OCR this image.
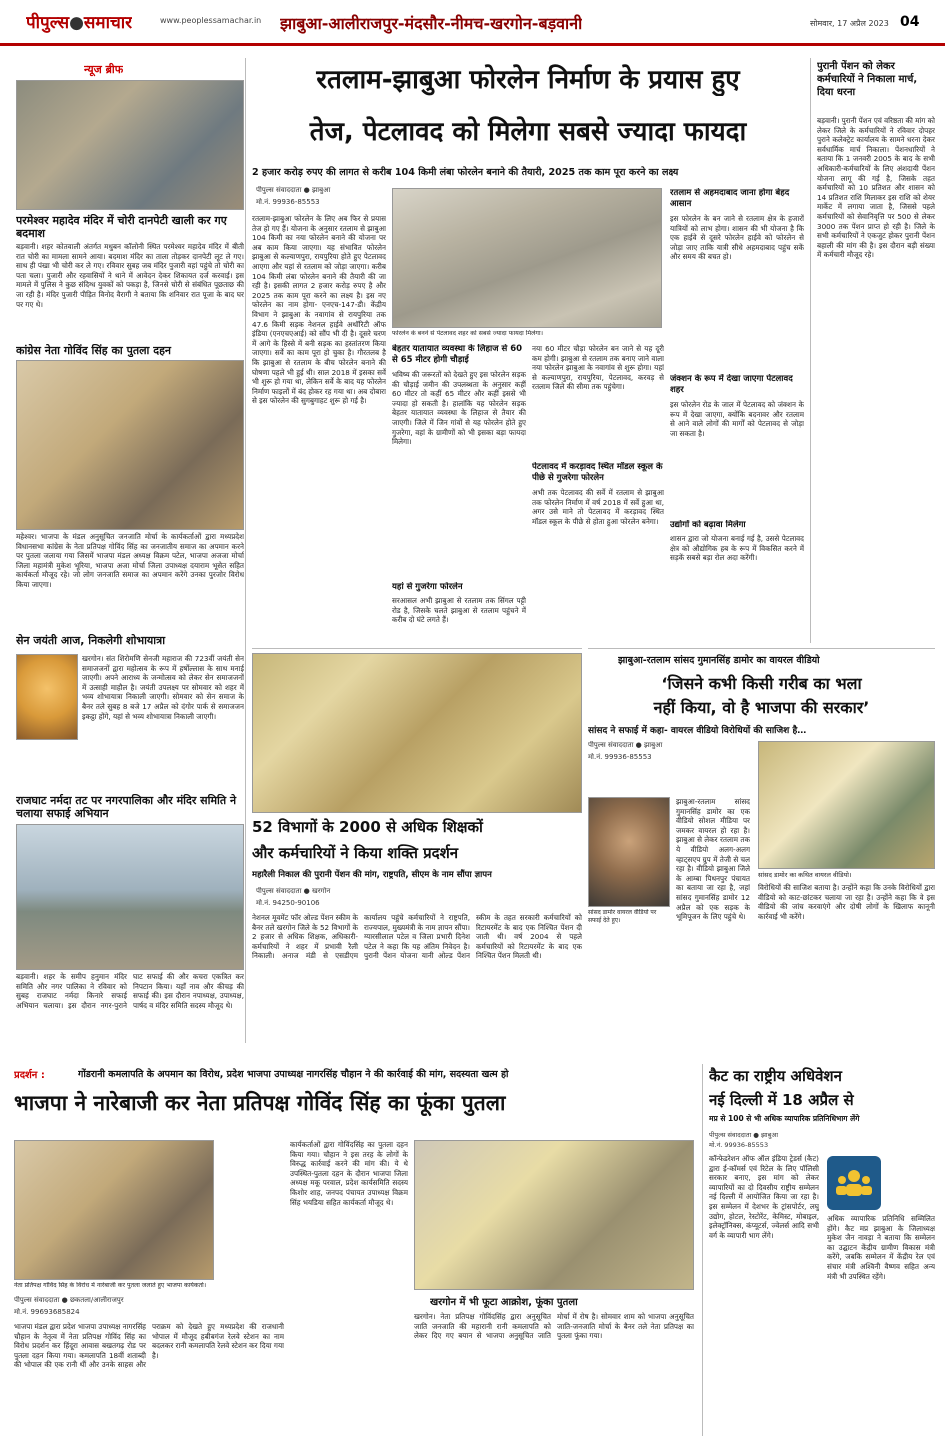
पीपुल्स●समाचार	www.peoplessamachar.in झाबुआ-आलीराजपुर-मंदसौर-नीमच-खरगोन-बड़वानी	सोमवार, 17 अप्रैल 2023 04
न्यूज ब्रीफ
परमेश्वर महादेव मंदिर में चोरी दानपेटी खाली कर गए बदमाश
बड़वानी। शहर कोतवाली अंतर्गत मधुबन कॉलोनी स्थित परमेश्वर महादेव मंदिर में बीती रात चोरी का मामला सामने आया। बदमाश मंदिर का ताला तोड़कर दानपेटी लूट ले गए। साथ ही पंखा भी चोरी कर ले गए। रविवार सुबह जब मंदिर पुजारी वहां पहुंचे तो चोरी का पता चला। पुजारी और रहवासियों ने थाने में आवेदन देकर शिकायत दर्ज करवाई। इस मामले में पुलिस ने कुछ संदिग्ध युवकों को पकड़ा है, जिनसे चोरी से संबंधित पूछताछ की जा रही है। मंदिर पुजारी पीड़ित विनोद वैरागी ने बताया कि शनिवार रात पूजा के बाद घर पर गए थे।
कांग्रेस नेता गोविंद सिंह का पुतला दहन
महेश्वर। भाजपा के मंडल अनुसूचित जनजाति मोर्चा के कार्यकर्ताओं द्वारा मध्यप्रदेश विधानसभा कांग्रेस के नेता प्रतिपक्ष गोविंद सिंह का जनजातीय समाज का अपमान करने पर पुतला जलाया गया जिसमें भाजपा मंडल अध्यक्ष विक्रम पटेल, भाजपा अजजा मोर्चा जिला महामंत्री मुकेश भूरिया, भाजपा अजा मोर्चा जिला उपाध्यक्ष दयाराम भूसेत सहित कार्यकर्ता मौजूद रहे। जो लोग जनजाति समाज का अपमान करेंगे उनका पुरजोर विरोध किया जाएगा।
सेन जयंती आज, निकलेगी शोभायात्रा
खरगोन। संत शिरोमणि सेनजी महाराज की 723वीं जयंती सेन समाजजनों द्वारा महोत्सव के रूप में हर्षोल्लास के साथ मनाई जाएगी। अपने आराध्य के जन्मोत्सव को लेकर सेन समाजजनों में उत्साही माहौल है। जयंती उपलक्ष्य पर सोमवार को शहर में भव्य शोभायात्रा निकाली जाएगी। सोमवार को सेन समाज के बैनर तले सुबह 8 बजे 17 अप्रैल को दंगोर पार्क से समाजजन इकट्ठा होंगे, यहां से भव्य शोभायात्रा निकाली जाएगी।
राजघाट नर्मदा तट पर नगरपालिका और मंदिर समिति ने चलाया सफाई अभियान
बड़वानी। शहर के समीप हनुमान मंदिर समिति और नगर पालिका ने रविवार को सुबह राजघाट नर्मदा किनारे सफाई अभियान चलाया। इस दौरान नगर-पुराने घाट सफाई की और कचरा एकत्रित कर निपटान किया। यहाँ नाव और कीचड़ की सफाई की। इस दौरान नपाध्यक्ष, उपाध्यक्ष, पार्षद व मंदिर समिति सदस्य मौजूद थे।
रतलाम-झाबुआ फोरलेन निर्माण के प्रयास हुए
तेज, पेटलावद को मिलेगा सबसे ज्यादा फायदा
2 हजार करोड़ रुपए की लागत से करीब 104 किमी लंबा फोरलेन बनाने की तैयारी, 2025 तक काम पूरा करने का लक्ष्य
पीपुल्स संवाददाता ● झाबुआ
मो.नं. 99936-85553
फोरलेन के बनने से पेटलावद शहर को सबसे ज्यादा फायदा मिलेगा।
रतलाम-झाबुआ फोरलेन के लिए अब फिर से प्रयास तेज हो गए हैं। योजना के अनुसार रतलाम से झाबुआ 104 किमी का नया फोरलेन बनाने की योजना पर अब काम किया जाएगा। यह संभावित फोरलेन झाबुआ से कल्याणपुरा, रायपुरिया होते हुए पेटलावद आएगा और यहां से रतलाम को जोड़ा जाएगा। करीब 104 किमी लंबा फोरलेन बनाने की तैयारी की जा रही है। इसकी लागत 2 हजार करोड़ रुपए है और 2025 तक काम पूरा करने का लक्ष्य है। इस नए फोरलेन का नाम होगा- एनएच-147-डी। केंद्रीय विभाग ने झाबुआ के नवागांव से रायपुरिया तक 47.6 किमी सड़क नेशनल हाईवे अथॉरिटी ऑफ इंडिया (एनएचएआई) को सौंप भी दी है। दूसरे चरण में आगे के हिस्से में बनी सड़क का हस्तांतरण किया जाएगा। सर्वे का काम पूरा हो चुका है। गौरतलब है कि झाबुआ से रतलाम के बीच फोरलेन बनाने की घोषणा पहले भी हुई थी। साल 2018 में इसका सर्वे भी शुरू हो गया था, लेकिन सर्वे के बाद यह फोरलेन निर्माण फाइलों में बंद होकर रह गया था। अब दोबारा से इस फोरलेन की सुगबुगाहट शुरू हो गई है।
बेहतर यातायात व्यवस्था के लिहाज से 60 से 65 मीटर होगी चौड़ाई
भविष्य की जरूरतों को देखते हुए इस फोरलेन सड़क की चौड़ाई जमीन की उपलब्धता के अनुसार कहीं 60 मीटर तो कहीं 65 मीटर और कहीं इससे भी ज्यादा हो सकती है। हालांकि यह फोरलेन सड़क बेहतर यातायात व्यवस्था के लिहाज से तैयार की जाएगी। जिले में जिन गांवों से यह फोरलेन होते हुए गुजरेगा, वहां के ग्रामीणों को भी इसका बड़ा फायदा मिलेगा।
यहां से गुजरेगा फोरलेन
सरआसल अभी झाबुआ से रतलाम तक सिंगल पट्टी रोड है, जिसके चलते झाबुआ से रतलाम पहुंचने में करीब दो घंटे लगते हैं।
नया 60 मीटर चौड़ा फोरलेन बन जाने से यह दूरी कम होगी। झाबुआ से रतलाम तक बनाए जाने वाला नया फोरलेन झाबुआ के नवागांव से शुरू होगा। यहां से कल्याणपुरा, रायपुरिया, पेटलावद, करवड़ से रतलाम जिले की सीमा तक पहुंचेगा।
पेटलावद में करड़ावद स्थित मॉडल स्कूल के पीछे से गुजरेगा फोरलेन
अभी तक पेटलावद की सर्वे में रतलाम से झाबुआ तक फोरलेन निर्माण में वर्ष 2018 में सर्वे हुआ था, अगर उसे माने तो पेटलावद में करड़ावद स्थित मॉडल स्कूल के पीछे से होता हुआ फोरलेन बनेगा।
रतलाम से अहमदाबाद जाना होगा बेहद आसान
इस फोरलेन के बन जाने से रतलाम क्षेत्र के हजारों यात्रियों को लाभ होगा। शासन की भी योजना है कि एक हाईवे से दूसरे फोरलेन हाईवे को फोरलेन से जोड़ा जाए ताकि यात्री सीधे अहमदाबाद पहुंच सकें और समय की बचत हो।
जंक्शन के रूप में देखा जाएगा पेटलावद शहर
इस फोरलेन रोड के जाल में पेटलावद को जंक्शन के रूप में देखा जाएगा, क्योंकि बदनावर और रतलाम से आने वाले लोगों की मार्गों को पेटलावद से जोड़ा जा सकता है।
उद्योगों को बढ़ावा मिलेगा
शासन द्वारा जो योजना बनाई गई है, उससे पेटलावद क्षेत्र को औद्योगिक हब के रूप में विकसित करने में सड़कें सबसे बड़ा रोल अदा करेंगी।
पुरानी पेंशन को लेकर कर्मचारियों ने निकाला मार्च, दिया धरना
बड़वानी। पुरानी पेंशन एवं वरिष्ठता की मांग को लेकर जिले के कर्मचारियों ने रविवार दोपहर पुराने कलेक्ट्रेट कार्यालय के सामने धरना देकर सर्वधार्मिक मार्च निकाला। पेंशनधारियों ने बताया कि 1 जनवरी 2005 के बाद के सभी अधिकारी-कर्मचारियों के लिए अंशदायी पेंशन योजना लागू की गई है, जिसके तहत कर्मचारियों को 10 प्रतिशत और शासन को 14 प्रतिशत राशि मिलाकर इस राशि को शेयर मार्केट में लगाया जाता है, जिससे पहले कर्मचारियों को सेवानिवृत्ति पर 500 से लेकर 3000 तक पेंशन प्राप्त हो रही है। जिले के सभी कर्मचारियों ने एकजुट होकर पुरानी पेंशन बहाली की मांग की है। इस दौरान बड़ी संख्या में कर्मचारी मौजूद रहे।
52 विभागों के 2000 से अधिक शिक्षकों
और कर्मचारियों ने किया शक्ति प्रदर्शन
महारैली निकाल की पुरानी पेंशन की मांग, राष्ट्रपति, सीएम के नाम सौंपा ज्ञापन
पीपुल्स संवाददाता ● खरगोन
मो.नं. 94250-90106
नेशनल मूवमेंट फॉर ओल्ड पेंशन स्कीम के बैनर तले खरगोन जिले के 52 विभागों के 2 हजार से अधिक शिक्षक, अधिकारी-कर्मचारियों ने शहर में प्रभावी रैली निकाली। अनाज मंडी से एसडीएम कार्यालय पहुंचे कर्मचारियों ने राष्ट्रपति, राज्यपाल, मुख्यमंत्री के नाम ज्ञापन सौंपा। ग्यारसीलाल पटेल व जिला प्रभारी दिनेश पटेल ने कहा कि यह अंतिम निवेदन है। पुरानी पेंशन योजना यानी ओल्ड पेंशन स्कीम के तहत सरकारी कर्मचारियों को रिटायरमेंट के बाद एक निश्चित पेंशन दी जाती थी। वर्ष 2004 से पहले कर्मचारियों को रिटायरमेंट के बाद एक निश्चित पेंशन मिलती थी।
झाबुआ-रतलाम सांसद गुमानसिंह डामोर का वायरल वीडियो
‘जिसने कभी किसी गरीब का भला
नहीं किया, वो है भाजपा की सरकार’
सांसद ने सफाई में कहा- वायरल वीडियो विरोधियों की साजिश है…
पीपुल्स संवाददाता ● झाबुआ
मो.नं. 99936-85553
सांसद डामोर वायरल वीडियो पर सफाई देते हुए।
झाबुआ-रतलाम सांसद गुमानसिंह डामोर का एक वीडियो सोशल मीडिया पर जमकर वायरल हो रहा है। झाबुआ से लेकर रतलाम तक ये वीडियो अलग-अलग व्हाट्सएप ग्रुप में तेजी से चल रहा है। वीडियो झाबुआ जिले के आम्बा पिथनपुर पंचायत का बताया जा रहा है, जहां सांसद गुमानसिंह डामोर 12 अप्रैल को एक सड़क के भूमिपूजन के लिए पहुंचे थे।
सांसद डामोर का कथित वायरल वीडियो।
विरोधियों की साजिश बताया है। उन्होंने कहा कि उनके विरोधियों द्वारा वीडियो को काट-छांटकर चलाया जा रहा है। उन्होंने कहा कि वे इस वीडियो की जांच करवाएंगे और दोषी लोगों के खिलाफ कानूनी कार्रवाई भी करेंगे।
प्रदर्शन :	गोंडरानी कमलापति के अपमान का विरोध, प्रदेश भाजपा उपाध्यक्ष नागरसिंह चौहान ने की कार्रवाई की मांग, सदस्यता खत्म हो
भाजपा ने नारेबाजी कर नेता प्रतिपक्ष गोविंद सिंह का फूंका पुतला
नेता प्रतिपक्ष गोविंद सिंह के विरोध में नारेबाजी कर पुतला जलाते हुए भाजपा कार्यकर्ता।
पीपुल्स संवाददाता ● छकतला/आलीराजपुर
मो.नं. 99693685824
भाजपा मंडल द्वारा प्रदेश भाजपा उपाध्यक्ष नागरसिंह चौहान के नेतृत्व में नेता प्रतिपक्ष गोविंद सिंह का विरोध प्रदर्शन कर हिंदूरा आवास बखतगढ़ रोड पर पुतला दहन किया गया। कमलापति 18वीं शताब्दी की भोपाल की एक रानी थीं और उनके साहस और पराक्रम को देखते हुए मध्यप्रदेश की राजधानी भोपाल में मौजूद हबीबगंज रेलवे स्टेशन का नाम बदलकर रानी कमलापति रेलवे स्टेशन कर दिया गया है।
कार्यकर्ताओं द्वारा गोविंदसिंह का पुतला दहन किया गया। चौहान ने इस तरह के लोगों के विरुद्ध कार्रवाई करने की मांग की। ये थे उपस्थित-पुतला दहन के दौरान भाजपा जिला अध्यक्ष मकू परवाल, प्रदेश कार्यसमिति सदस्य किशोर शाह, जनपद पंचायत उपाध्यक्ष विक्रम सिंह भयडिया सहित कार्यकर्ता मौजूद थे।
खरगोन में भी फूटा आक्रोश, फूंका पुतला
खरगोन। नेता प्रतिपक्ष गोविंदसिंह द्वारा अनुसूचित जाति जनजाति की महारानी रानी कमलापति को लेकर दिए गए बयान से भाजपा अनुसूचित जाति मोर्चा में रोष है। सोमवार शाम को भाजपा अनुसूचित जाति-जनजाति मोर्चा के बैनर तले नेता प्रतिपक्ष का पुतला फूंका गया।
कैट का राष्ट्रीय अधिवेशन
नई दिल्ली में 18 अप्रैल से
मप्र से 100 से भी अधिक व्यापारिक प्रतिनिधिभाग लेंगे
पीपुल्स संवाददाता ● झाबुआ
मो.नं. 99936-85553
कॉन्फेडरेशन ऑफ ऑल इंडिया ट्रेडर्स (कैट) द्वारा ई-कॉमर्स एवं रिटेल के लिए पॉलिसी सरकार बनाए, इस मांग को लेकर व्यापारियों का दो दिवसीय राष्ट्रीय सम्मेलन नई दिल्ली में आयोजित किया जा रहा है। इस सम्मेलन में देशभर के ट्रांसपोर्टर, लघु उद्योग, होटल, रेस्टोरेंट, केमिस्ट, मोबाइल, इलेक्ट्रॉनिक्स, कंप्यूटर्स, ज्वेलर्स आदि सभी वर्ग के व्यापारी भाग लेंगे।
अधिक व्यापारिक प्रतिनिधि सम्मिलित होंगे। कैट मप्र झाबुआ के जिलाध्यक्ष मुकेश जैन नावड़ा ने बताया कि सम्मेलन का उद्घाटन केंद्रीय ग्रामीण विकास मंत्री करेंगे, जबकि सम्मेलन में केंद्रीय रेल एवं संचार मंत्री अश्विनी वैष्णव सहित अन्य मंत्री भी उपस्थित रहेंगे।
